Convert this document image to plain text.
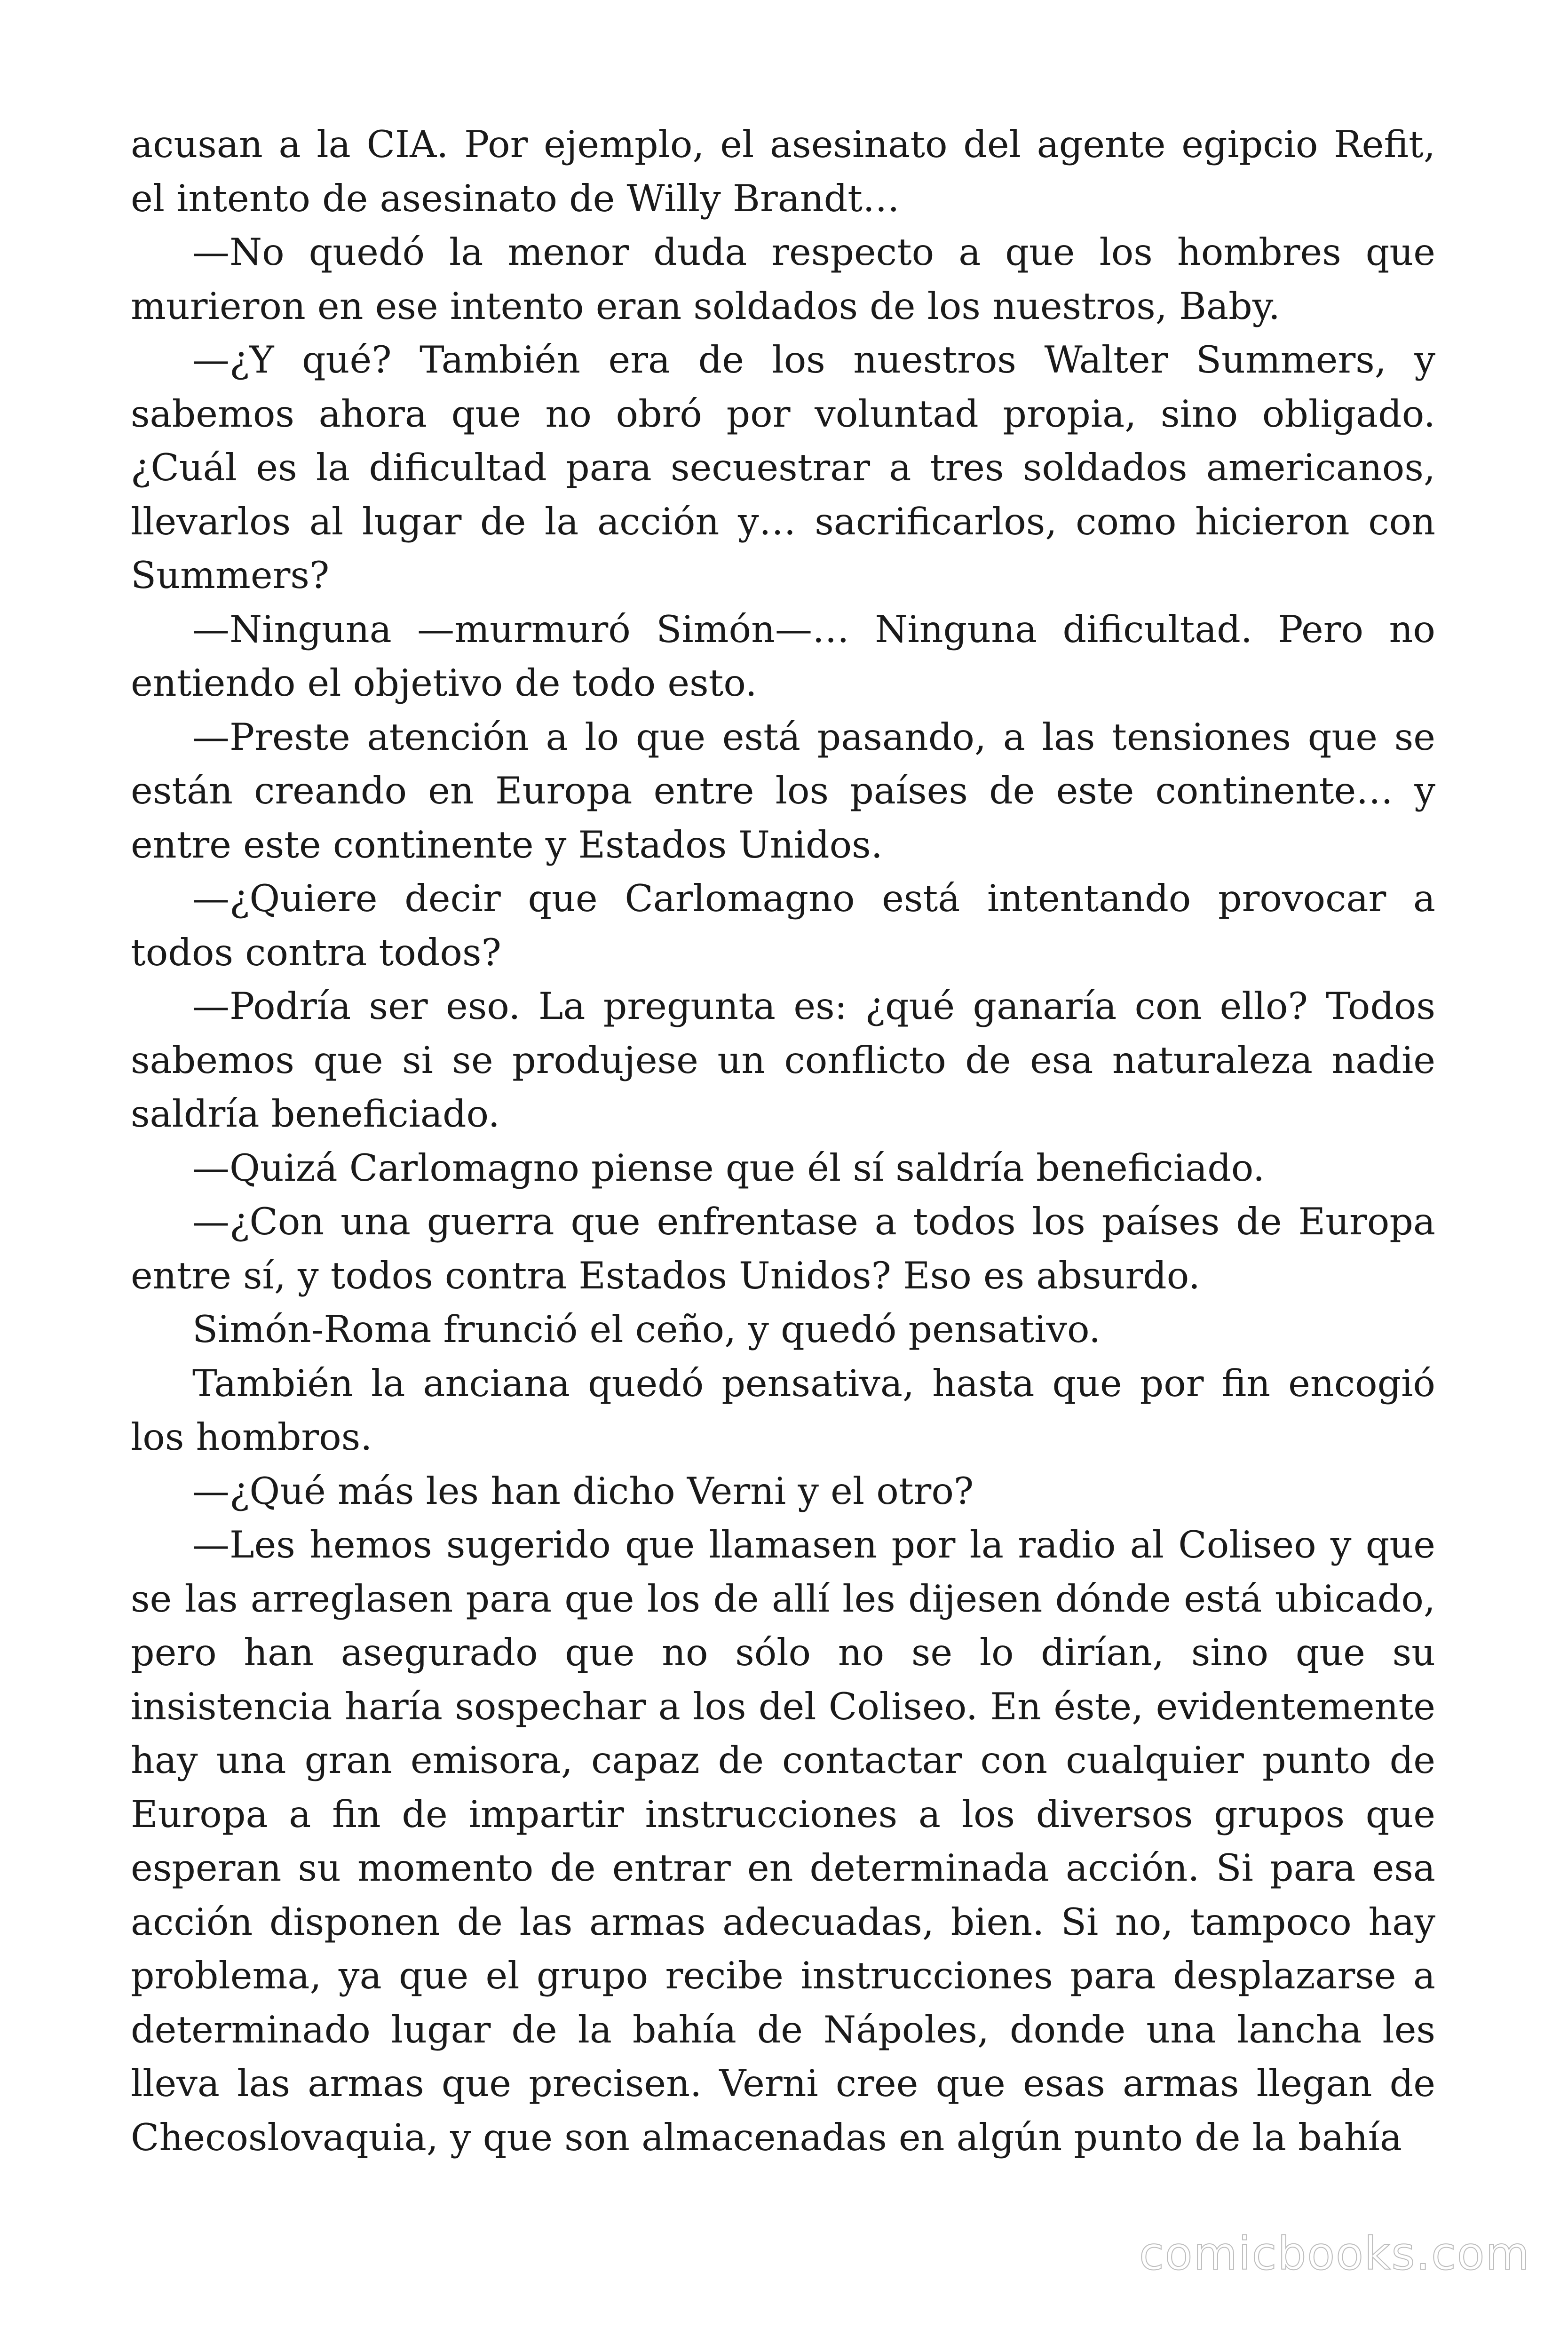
acusan a la CIA. Por ejemplo, el asesinato del agente egipcio Refit, el intento de asesinato de Willy Brandt…

—No quedó la menor duda respecto a que los hombres que murieron en ese intento eran soldados de los nuestros, Baby.

—¿Y qué? También era de los nuestros Walter Summers, y sabemos ahora que no obró por voluntad propia, sino obligado. ¿Cuál es la dificultad para secuestrar a tres soldados americanos, llevarlos al lugar de la acción y… sacrificarlos, como hicieron con Summers?

—Ninguna —murmuró Simón—… Ninguna dificultad. Pero no entiendo el objetivo de todo esto.

—Preste atención a lo que está pasando, a las tensiones que se están creando en Europa entre los países de este continente… y entre este continente y Estados Unidos.

—¿Quiere decir que Carlomagno está intentando provocar a todos contra todos?

—Podría ser eso. La pregunta es: ¿qué ganaría con ello? Todos sabemos que si se produjese un conflicto de esa naturaleza nadie saldría beneficiado.

—Quizá Carlomagno piense que él sí saldría beneficiado.

—¿Con una guerra que enfrentase a todos los países de Europa entre sí, y todos contra Estados Unidos? Eso es absurdo.

Simón-Roma frunció el ceño, y quedó pensativo.

También la anciana quedó pensativa, hasta que por fin encogió los hombros.

—¿Qué más les han dicho Verni y el otro?

—Les hemos sugerido que llamasen por la radio al Coliseo y que se las arreglasen para que los de allí les dijesen dónde está ubicado, pero han asegurado que no sólo no se lo dirían, sino que su insistencia haría sospechar a los del Coliseo. En éste, evidentemente hay una gran emisora, capaz de contactar con cualquier punto de Europa a fin de impartir instrucciones a los diversos grupos que esperan su momento de entrar en determinada acción. Si para esa acción disponen de las armas adecuadas, bien. Si no, tampoco hay problema, ya que el grupo recibe instrucciones para desplazarse a determinado lugar de la bahía de Nápoles, donde una lancha les lleva las armas que precisen. Verni cree que esas armas llegan de Checoslovaquia, y que son almacenadas en algún punto de la bahía

comicbooks.com
